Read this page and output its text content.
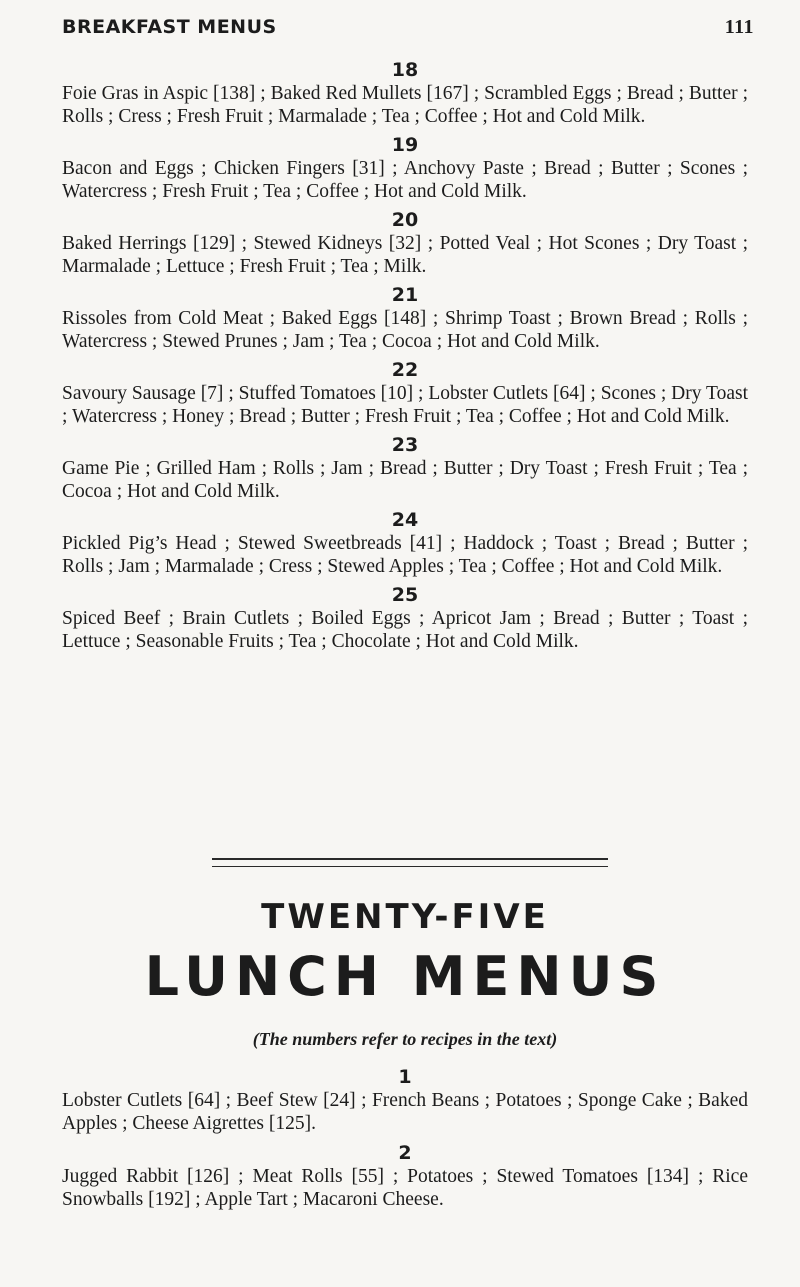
BREAKFAST MENUS	111
18

Foie Gras in Aspic [138] ; Baked Red Mullets [167] ; Scrambled Eggs ; Bread ; Butter ; Rolls ; Cress ; Fresh Fruit ; Marmalade ; Tea ; Coffee ; Hot and Cold Milk.

19

Bacon and Eggs ; Chicken Fingers [31] ; Anchovy Paste ; Bread ; Butter ; Scones ; Watercress ; Fresh Fruit ; Tea ; Coffee ; Hot and Cold Milk.

20

Baked Herrings [129] ; Stewed Kidneys [32] ; Potted Veal ; Hot Scones ; Dry Toast ; Marmalade ; Lettuce ; Fresh Fruit ; Tea ; Milk.

21

Rissoles from Cold Meat ; Baked Eggs [148] ; Shrimp Toast ; Brown Bread ; Rolls ; Watercress ; Stewed Prunes ; Jam ; Tea ; Cocoa ; Hot and Cold Milk.

22

Savoury Sausage [7] ; Stuffed Tomatoes [10] ; Lobster Cutlets [64] ; Scones ; Dry Toast ; Watercress ; Honey ; Bread ; Butter ; Fresh Fruit ; Tea ; Coffee ; Hot and Cold Milk.

23

Game Pie ; Grilled Ham ; Rolls ; Jam ; Bread ; Butter ; Dry Toast ; Fresh Fruit ; Tea ; Cocoa ; Hot and Cold Milk.

24

Pickled Pig’s Head ; Stewed Sweetbreads [41] ; Haddock ; Toast ; Bread ; Butter ; Rolls ; Jam ; Marmalade ; Cress ; Stewed Apples ; Tea ; Coffee ; Hot and Cold Milk.

25

Spiced Beef ; Brain Cutlets ; Boiled Eggs ; Apricot Jam ; Bread ; Butter ; Toast ; Lettuce ; Seasonable Fruits ; Tea ; Chocolate ; Hot and Cold Milk.

TWENTY-FIVE
LUNCH MENUS
(The numbers refer to recipes in the text)
1

Lobster Cutlets [64] ; Beef Stew [24] ; French Beans ; Potatoes ; Sponge Cake ; Baked Apples ; Cheese Aigrettes [125].

2

Jugged Rabbit [126] ; Meat Rolls [55] ; Potatoes ; Stewed Tomatoes [134] ; Rice Snowballs [192] ; Apple Tart ; Macaroni Cheese.
